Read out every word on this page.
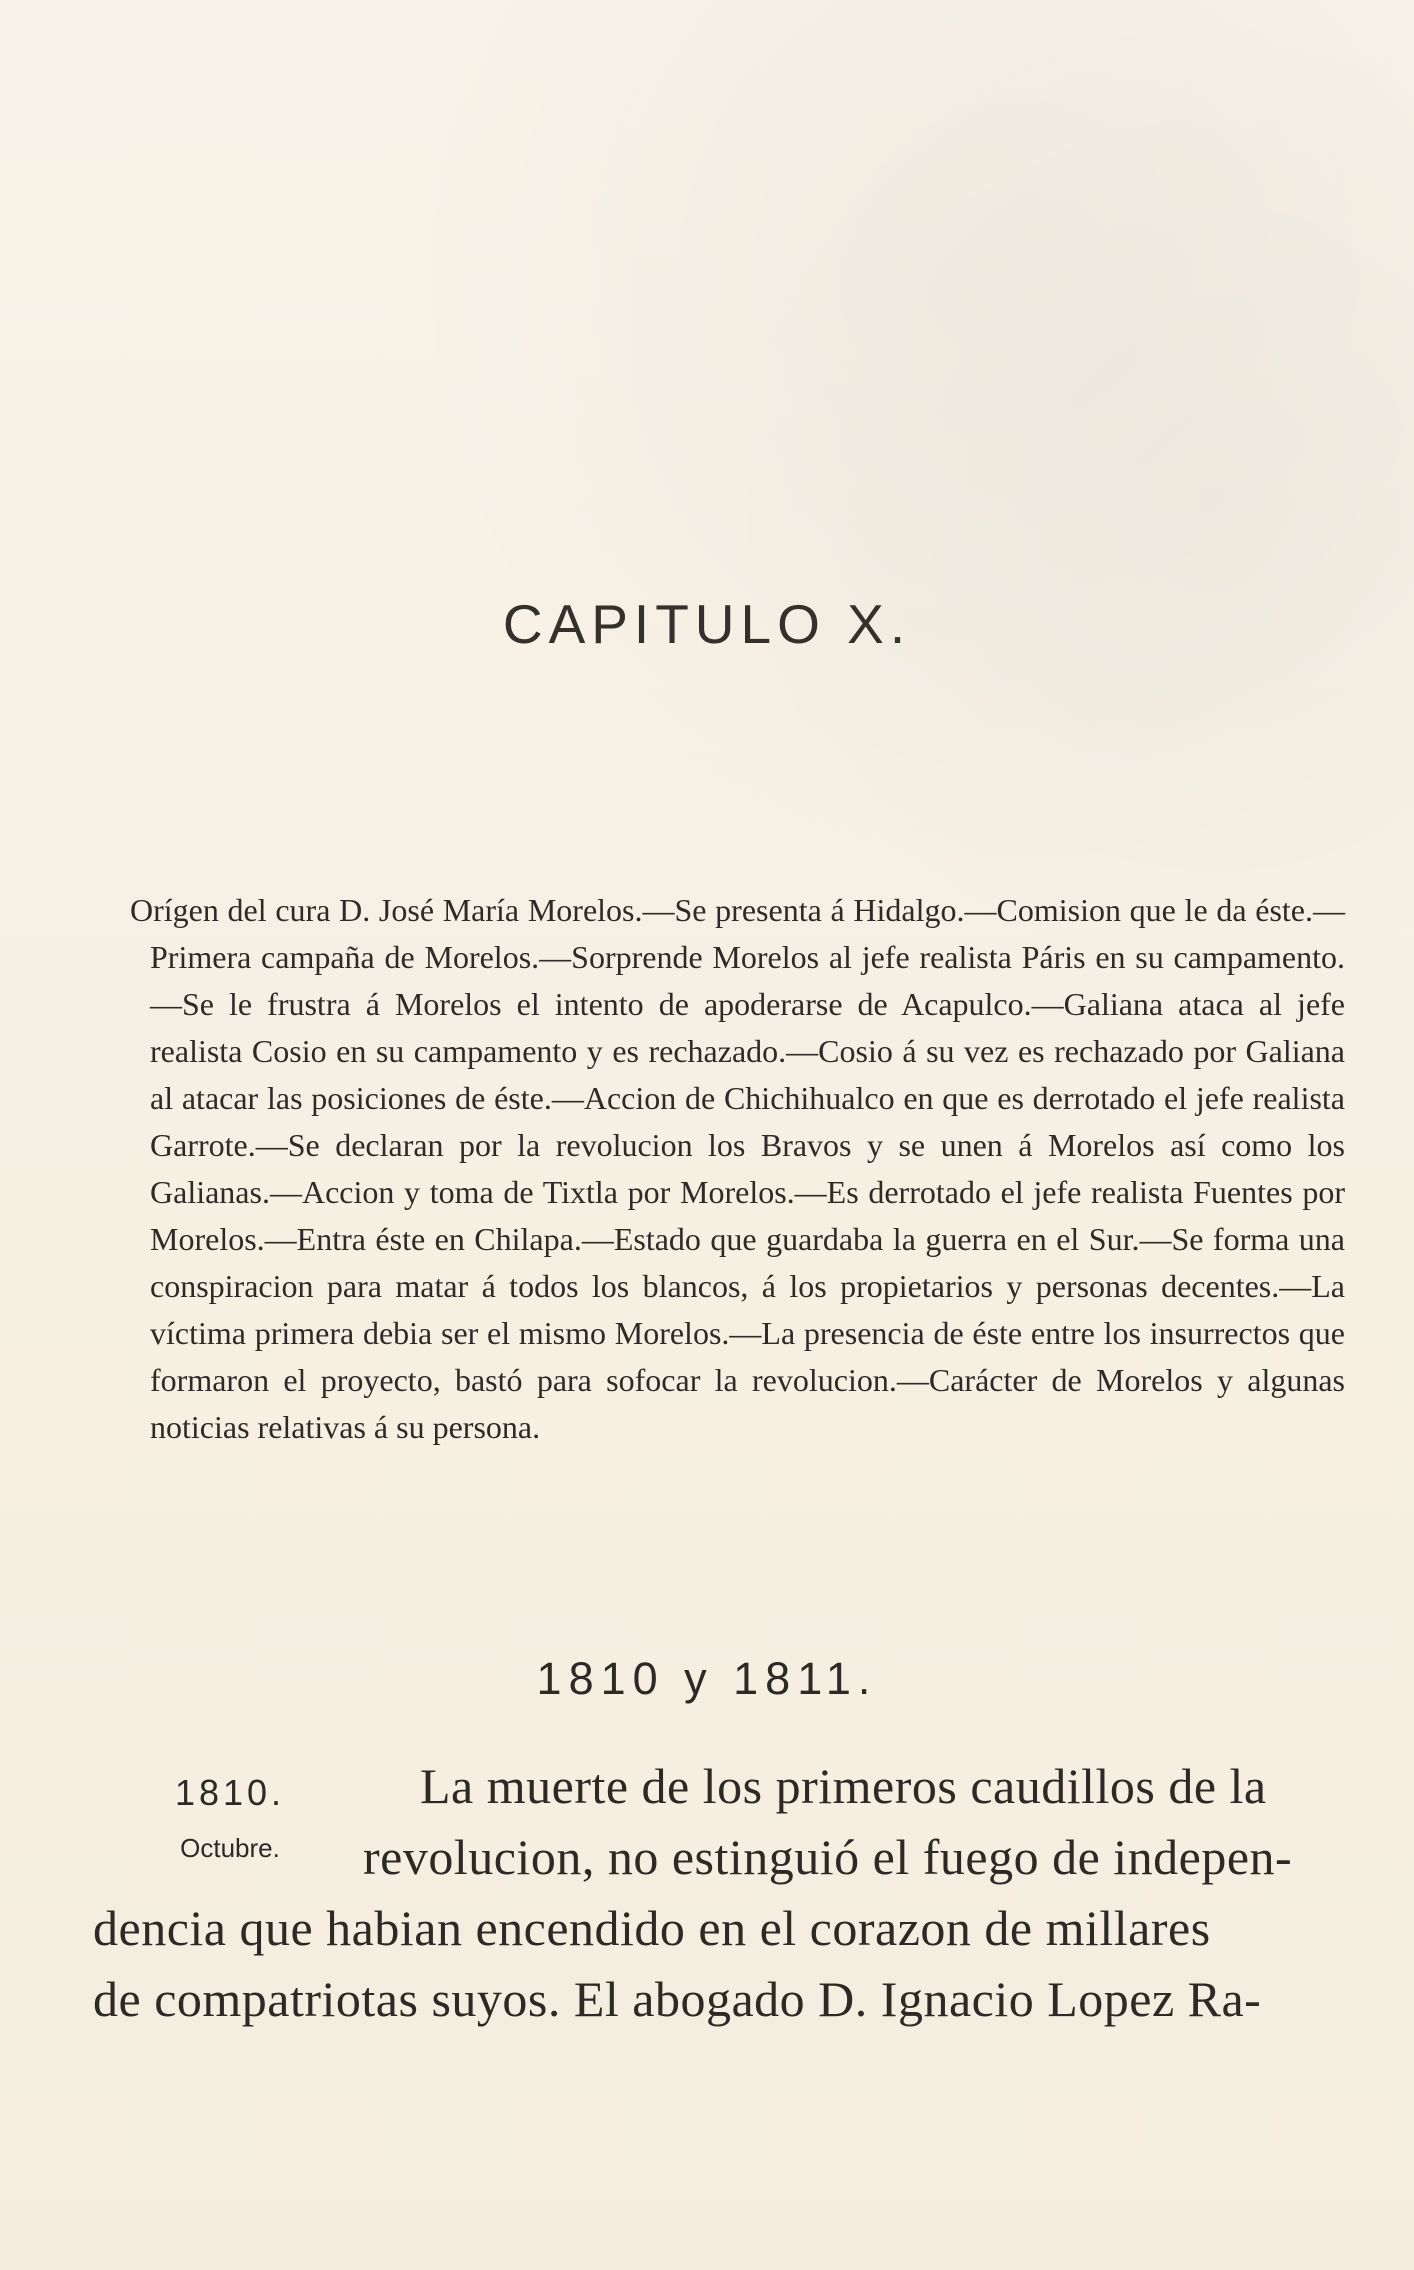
CAPITULO X.

Orígen del cura D. José María Morelos.—Se presenta á Hidalgo.—Comision que le da éste.—Primera campaña de Morelos.—Sorprende Morelos al jefe realista Páris en su campamento.—Se le frustra á Morelos el intento de apoderarse de Acapulco.—Galiana ataca al jefe realista Cosio en su campamento y es rechazado.—Cosio á su vez es rechazado por Galiana al atacar las posiciones de éste.—Accion de Chichihualco en que es derrotado el jefe realista Garrote.—Se declaran por la revolucion los Bravos y se unen á Morelos así como los Galianas.—Accion y toma de Tixtla por Morelos.—Es derrotado el jefe realista Fuentes por Morelos.—Entra éste en Chilapa.—Estado que guardaba la guerra en el Sur.—Se forma una conspiracion para matar á todos los blancos, á los propietarios y personas decentes.—La víctima primera debia ser el mismo Morelos.—La presencia de éste entre los insurrectos que formaron el proyecto, bastó para sofocar la revolucion.—Carácter de Morelos y algunas noticias relativas á su persona.

1810 y 1811.
1810.
Octubre.
La muerte de los primeros caudillos de la
revolucion, no estinguió el fuego de indepen-
dencia que habian encendido en el corazon de millares
de compatriotas suyos. El abogado D. Ignacio Lopez Ra-
